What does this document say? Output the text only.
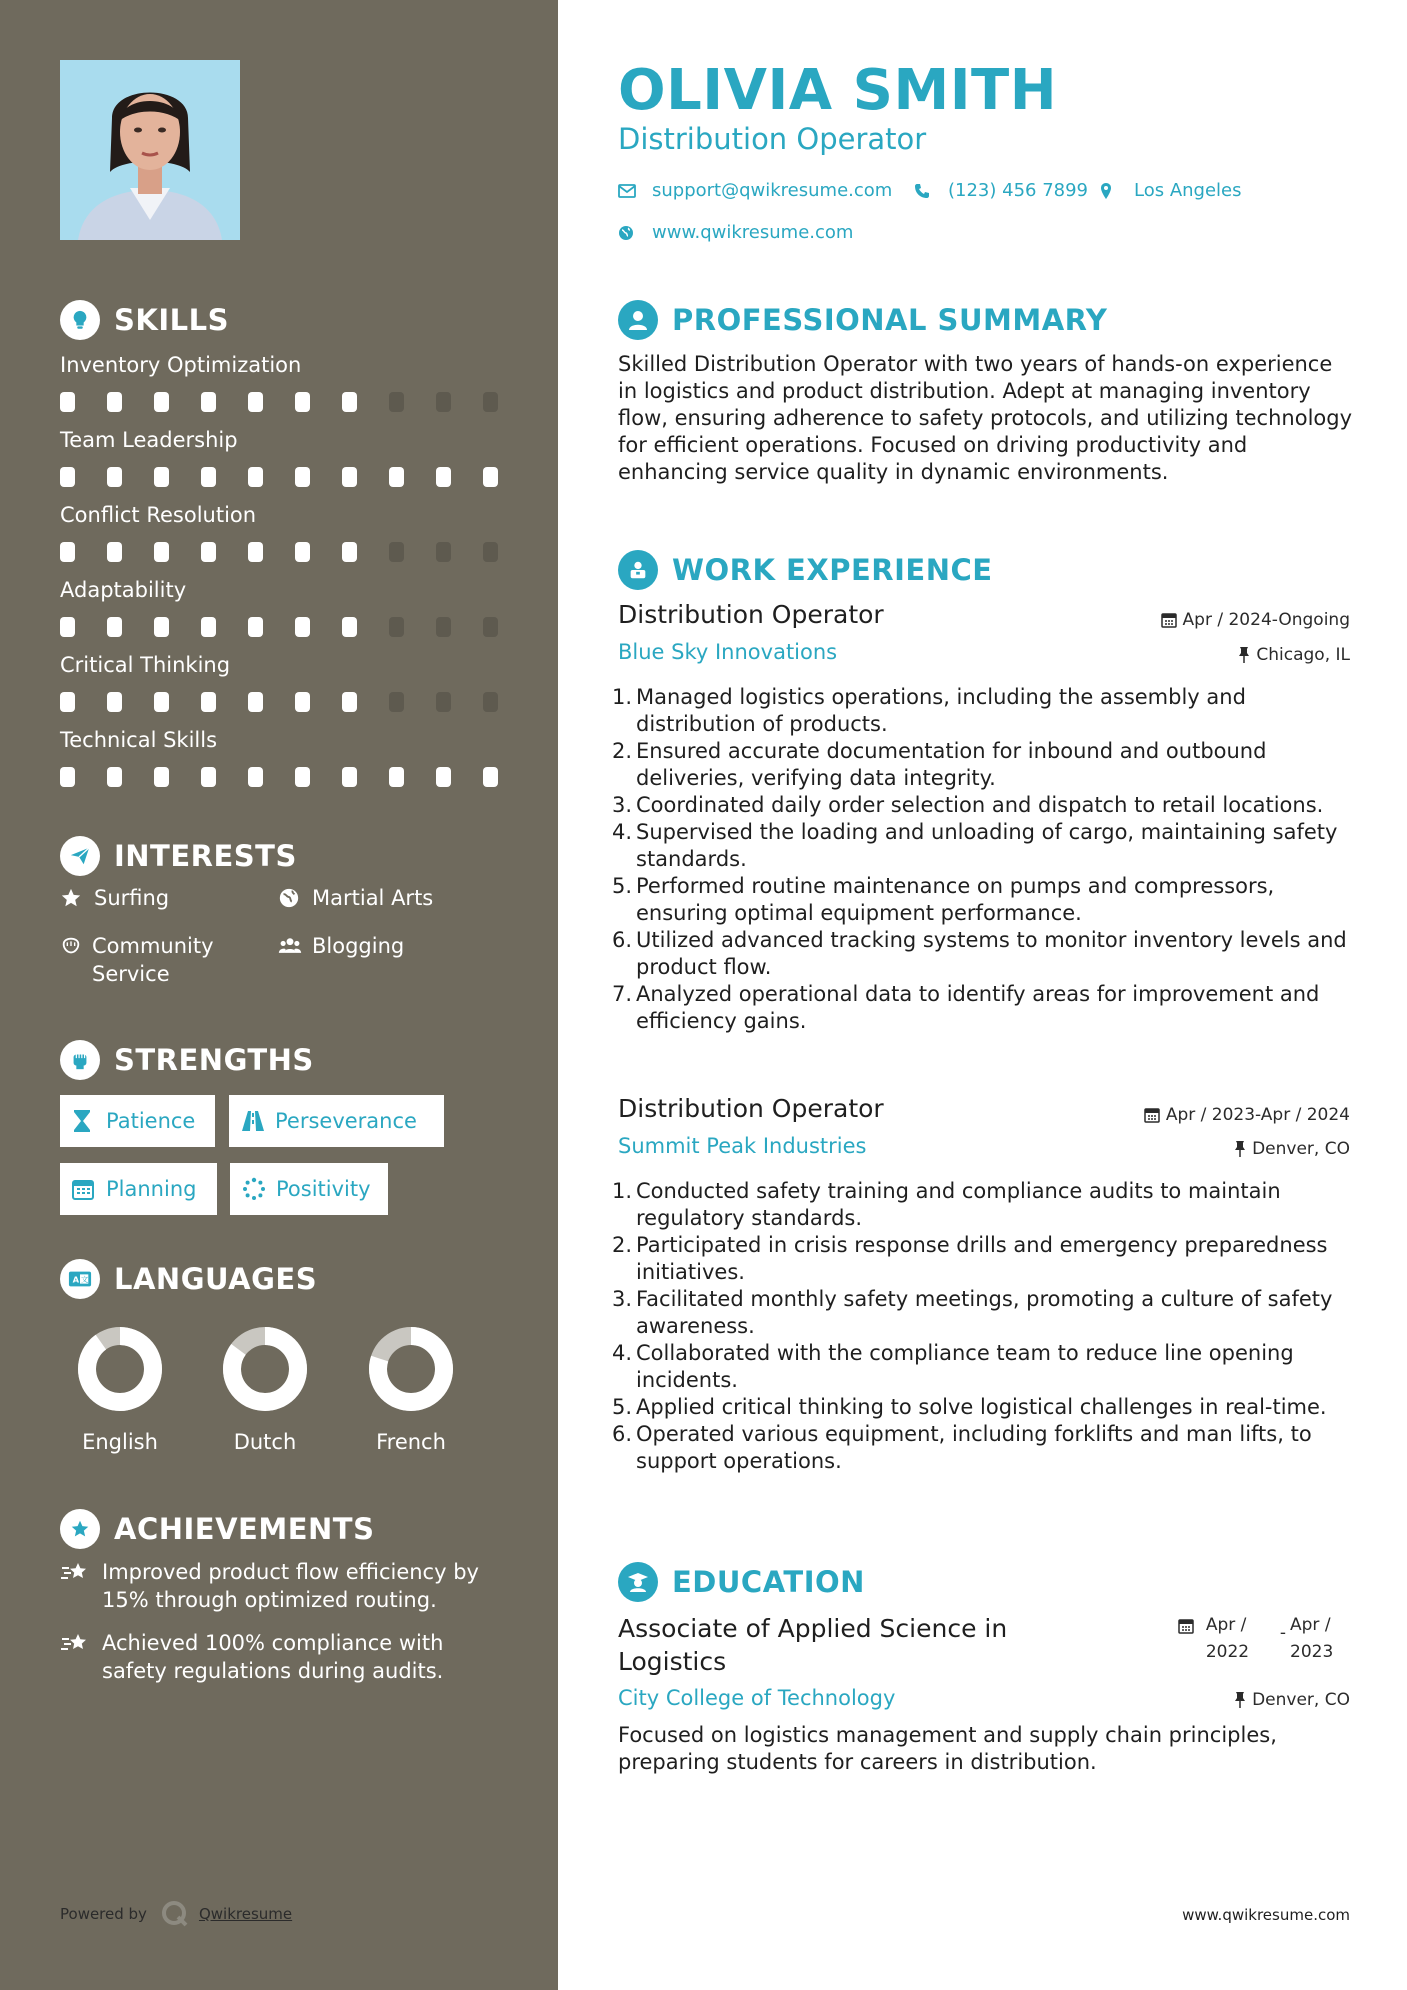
SKILLS
Inventory Optimization
Team Leadership
Conflict Resolution
Adaptability
Critical Thinking
Technical Skills
INTERESTS
Surfing	Martial Arts
Community Service
Blogging
STRENGTHS
Patience	Perseverance
Planning	Positivity
A 文 LANGUAGES
English	Dutch	French
ACHIEVEMENTS
Improved product flow efficiency by 15% through optimized routing.
Achieved 100% compliance with safety regulations during audits.
Powered by	Qwikresume
OLIVIA SMITH
Distribution Operator
support@qwikresume.com	(123) 456 7899	Los Angeles
www.qwikresume.com
PROFESSIONAL SUMMARY

Skilled Distribution Operator with two years of hands-on experience in logistics and product distribution. Adept at managing inventory flow, ensuring adherence to safety protocols, and utilizing technology for efficient operations. Focused on driving productivity and enhancing service quality in dynamic environments.

WORK EXPERIENCE
Distribution Operator	Apr / 2024-Ongoing
Blue Sky Innovations	Chicago, IL
1. Managed logistics operations, including the assembly and distribution of products.
2. Ensured accurate documentation for inbound and outbound deliveries, verifying data integrity.
3. Coordinated daily order selection and dispatch to retail locations.
4. Supervised the loading and unloading of cargo, maintaining safety standards.
5. Performed routine maintenance on pumps and compressors, ensuring optimal equipment performance.
6. Utilized advanced tracking systems to monitor inventory levels and product flow.
7. Analyzed operational data to identify areas for improvement and efficiency gains.
Distribution Operator	Apr / 2023-Apr / 2024
Summit Peak Industries	Denver, CO
1. Conducted safety training and compliance audits to maintain regulatory standards.
2. Participated in crisis response drills and emergency preparedness initiatives.
3. Facilitated monthly safety meetings, promoting a culture of safety awareness.
4. Collaborated with the compliance team to reduce line opening incidents.
5. Applied critical thinking to solve logistical challenges in real-time.
6. Operated various equipment, including forklifts and man lifts, to support operations.
EDUCATION
Associate of Applied Science in Logistics
Apr / 2022
- Apr / 2023
City College of Technology	Denver, CO

Focused on logistics management and supply chain principles, preparing students for careers in distribution.

www.qwikresume.com
